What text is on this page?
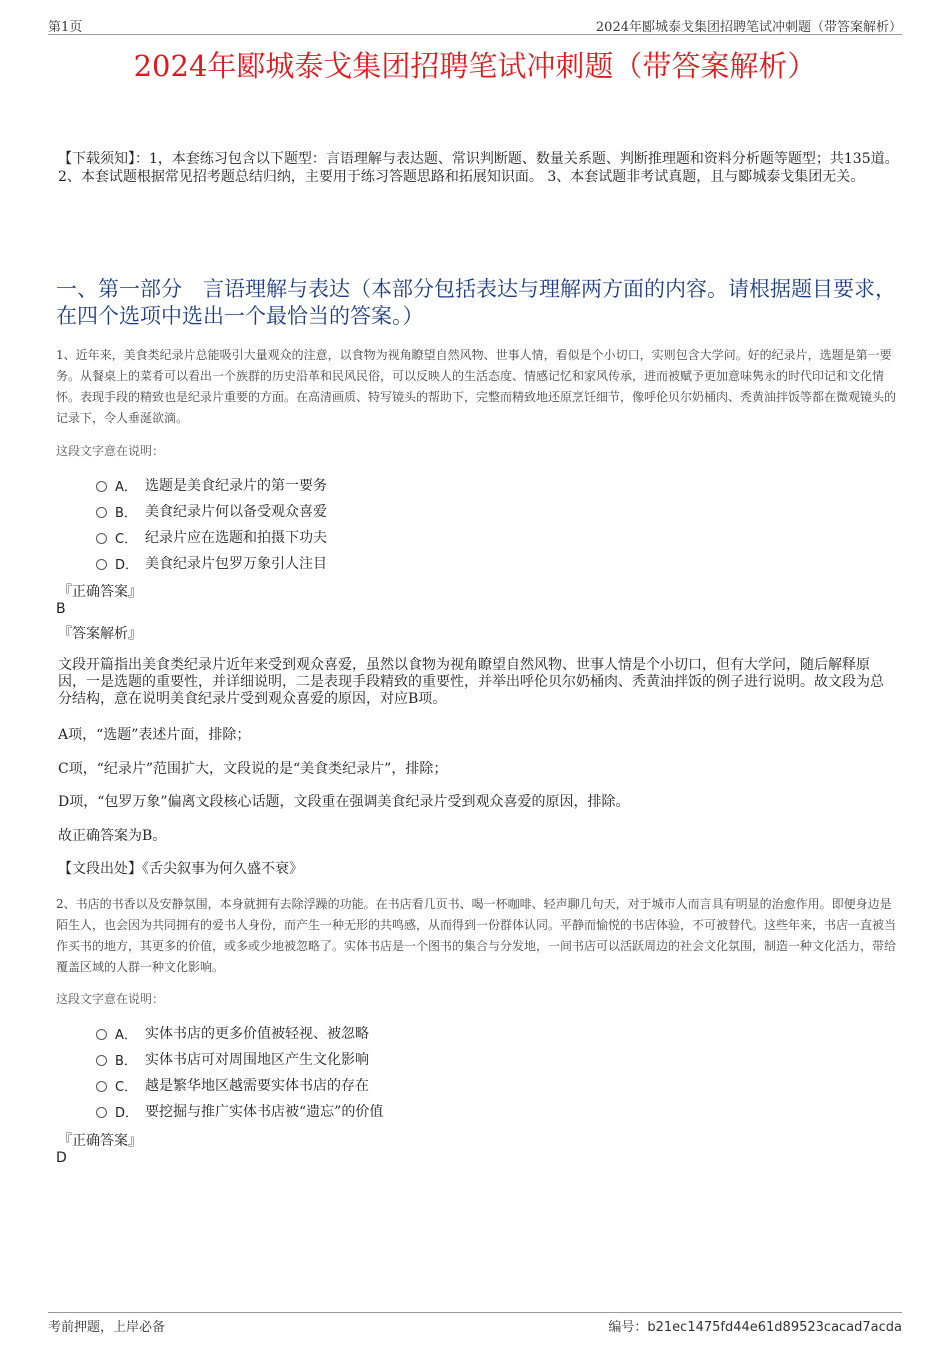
第1页	2024年郾城泰戈集团招聘笔试冲刺题（带答案解析）
2024年郾城泰戈集团招聘笔试冲刺题（带答案解析）
【下载须知】：1，本套练习包含以下题型：言语理解与表达题、常识判断题、数量关系题、判断推理题和资料分析题等题型；共135道。 2、本套试题根据常见招考题总结归纳，主要用于练习答题思路和拓展知识面。 3、本套试题非考试真题，且与郾城泰戈集团无关。
一、第一部分　言语理解与表达（本部分包括表达与理解两方面的内容。请根据题目要求，在四个选项中选出一个最恰当的答案。）
1、近年来，美食类纪录片总能吸引大量观众的注意，以食物为视角瞭望自然风物、世事人情，看似是个小切口，实则包含大学问。好的纪录片，选题是第一要务。从餐桌上的菜肴可以看出一个族群的历史沿革和民风民俗，可以反映人的生活态度、情感记忆和家风传承，进而被赋予更加意味隽永的时代印记和文化情怀。表现手段的精致也是纪录片重要的方面。在高清画质、特写镜头的帮助下，完整而精致地还原烹饪细节，像呼伦贝尔奶桶肉、秃黄油拌饭等都在微观镜头的记录下，令人垂涎欲滴。
这段文字意在说明：
A． 选题是美食纪录片的第一要务
B． 美食纪录片何以备受观众喜爱
C． 纪录片应在选题和拍摄下功夫
D． 美食纪录片包罗万象引人注目
『正确答案』
B
『答案解析』
文段开篇指出美食类纪录片近年来受到观众喜爱，虽然以食物为视角瞭望自然风物、世事人情是个小切口，但有大学问，随后解释原因，一是选题的重要性，并详细说明，二是表现手段精致的重要性，并举出呼伦贝尔奶桶肉、秃黄油拌饭的例子进行说明。故文段为总分结构，意在说明美食纪录片受到观众喜爱的原因，对应B项。
A项，“选题”表述片面，排除；
C项，“纪录片”范围扩大，文段说的是“美食类纪录片”，排除；
D项，“包罗万象”偏离文段核心话题，文段重在强调美食纪录片受到观众喜爱的原因，排除。
故正确答案为B。
【文段出处】《舌尖叙事为何久盛不衰》
2、书店的书香以及安静氛围，本身就拥有去除浮躁的功能。在书店看几页书、喝一杯咖啡、轻声聊几句天，对于城市人而言具有明显的治愈作用。即便身边是陌生人，也会因为共同拥有的爱书人身份，而产生一种无形的共鸣感，从而得到一份群体认同。平静而愉悦的书店体验，不可被替代。这些年来，书店一直被当作买书的地方，其更多的价值，或多或少地被忽略了。实体书店是一个图书的集合与分发地，一间书店可以活跃周边的社会文化氛围，制造一种文化活力，带给覆盖区域的人群一种文化影响。
这段文字意在说明：
A． 实体书店的更多价值被轻视、被忽略
B． 实体书店可对周围地区产生文化影响
C． 越是繁华地区越需要实体书店的存在
D． 要挖掘与推广实体书店被“遗忘”的价值
『正确答案』
D
考前押题，上岸必备	编号：b21ec1475fd44e61d89523cacad7acda
